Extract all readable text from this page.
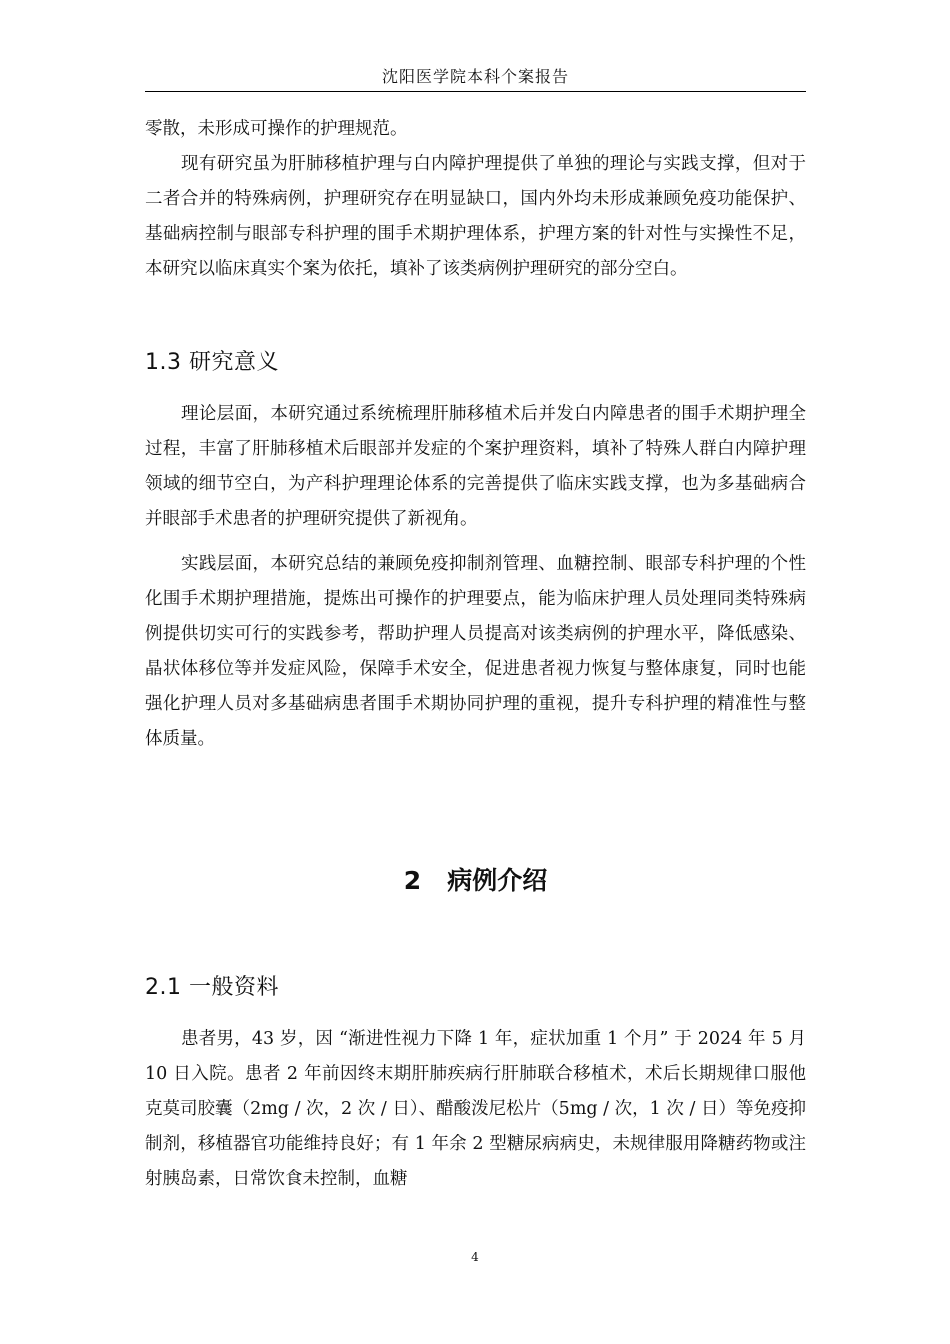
沈阳医学院本科个案报告
零散，未形成可操作的护理规范。
现有研究虽为肝肺移植护理与白内障护理提供了单独的理论与实践支撑，但对于二者合并的特殊病例，护理研究存在明显缺口，国内外均未形成兼顾免疫功能保护、基础病控制与眼部专科护理的围手术期护理体系，护理方案的针对性与实操性不足，本研究以临床真实个案为依托，填补了该类病例护理研究的部分空白。
1.3 研究意义
理论层面，本研究通过系统梳理肝肺移植术后并发白内障患者的围手术期护理全过程，丰富了肝肺移植术后眼部并发症的个案护理资料，填补了特殊人群白内障护理领域的细节空白，为产科护理理论体系的完善提供了临床实践支撑，也为多基础病合并眼部手术患者的护理研究提供了新视角。
实践层面，本研究总结的兼顾免疫抑制剂管理、血糖控制、眼部专科护理的个性化围手术期护理措施，提炼出可操作的护理要点，能为临床护理人员处理同类特殊病例提供切实可行的实践参考，帮助护理人员提高对该类病例的护理水平，降低感染、晶状体移位等并发症风险，保障手术安全，促进患者视力恢复与整体康复，同时也能强化护理人员对多基础病患者围手术期协同护理的重视，提升专科护理的精准性与整体质量。
2 病例介绍
2.1 一般资料
患者男，43 岁，因 “渐进性视力下降 1 年，症状加重 1 个月” 于 2024 年 5 月 10 日入院。患者 2 年前因终末期肝肺疾病行肝肺联合移植术，术后长期规律口服他克莫司胶囊（2mg / 次，2 次 / 日）、醋酸泼尼松片（5mg / 次，1 次 / 日）等免疫抑制剂，移植器官功能维持良好；有 1 年余 2 型糖尿病病史，未规律服用降糖药物或注射胰岛素，日常饮食未控制，血糖
4
